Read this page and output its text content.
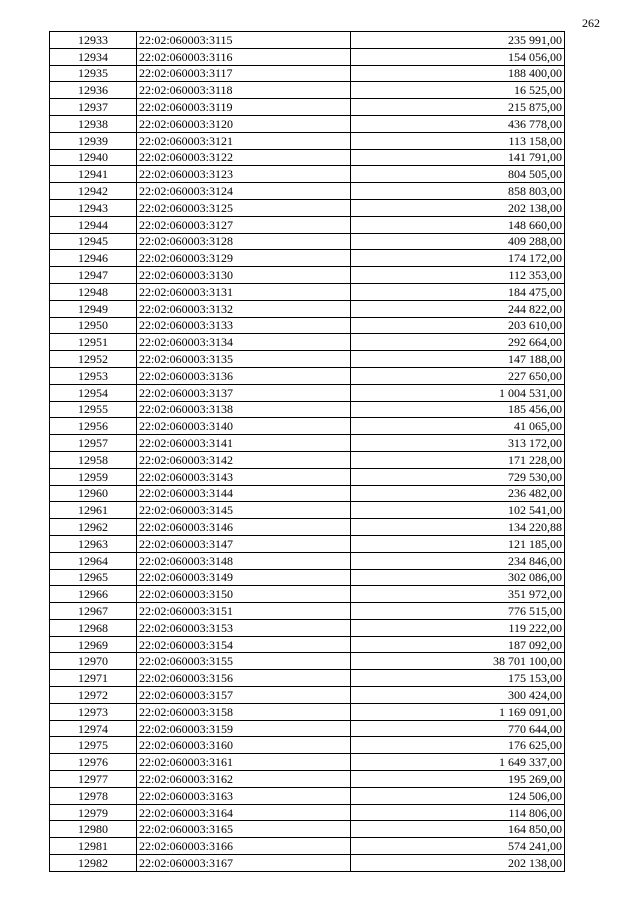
262
12933	22:02:060003:3115	235 991,00
12934	22:02:060003:3116	154 056,00
12935	22:02:060003:3117	188 400,00
12936	22:02:060003:3118	16 525,00
12937	22:02:060003:3119	215 875,00
12938	22:02:060003:3120	436 778,00
12939	22:02:060003:3121	113 158,00
12940	22:02:060003:3122	141 791,00
12941	22:02:060003:3123	804 505,00
12942	22:02:060003:3124	858 803,00
12943	22:02:060003:3125	202 138,00
12944	22:02:060003:3127	148 660,00
12945	22:02:060003:3128	409 288,00
12946	22:02:060003:3129	174 172,00
12947	22:02:060003:3130	112 353,00
12948	22:02:060003:3131	184 475,00
12949	22:02:060003:3132	244 822,00
12950	22:02:060003:3133	203 610,00
12951	22:02:060003:3134	292 664,00
12952	22:02:060003:3135	147 188,00
12953	22:02:060003:3136	227 650,00
12954	22:02:060003:3137	1 004 531,00
12955	22:02:060003:3138	185 456,00
12956	22:02:060003:3140	41 065,00
12957	22:02:060003:3141	313 172,00
12958	22:02:060003:3142	171 228,00
12959	22:02:060003:3143	729 530,00
12960	22:02:060003:3144	236 482,00
12961	22:02:060003:3145	102 541,00
12962	22:02:060003:3146	134 220,88
12963	22:02:060003:3147	121 185,00
12964	22:02:060003:3148	234 846,00
12965	22:02:060003:3149	302 086,00
12966	22:02:060003:3150	351 972,00
12967	22:02:060003:3151	776 515,00
12968	22:02:060003:3153	119 222,00
12969	22:02:060003:3154	187 092,00
12970	22:02:060003:3155	38 701 100,00
12971	22:02:060003:3156	175 153,00
12972	22:02:060003:3157	300 424,00
12973	22:02:060003:3158	1 169 091,00
12974	22:02:060003:3159	770 644,00
12975	22:02:060003:3160	176 625,00
12976	22:02:060003:3161	1 649 337,00
12977	22:02:060003:3162	195 269,00
12978	22:02:060003:3163	124 506,00
12979	22:02:060003:3164	114 806,00
12980	22:02:060003:3165	164 850,00
12981	22:02:060003:3166	574 241,00
12982	22:02:060003:3167	202 138,00
